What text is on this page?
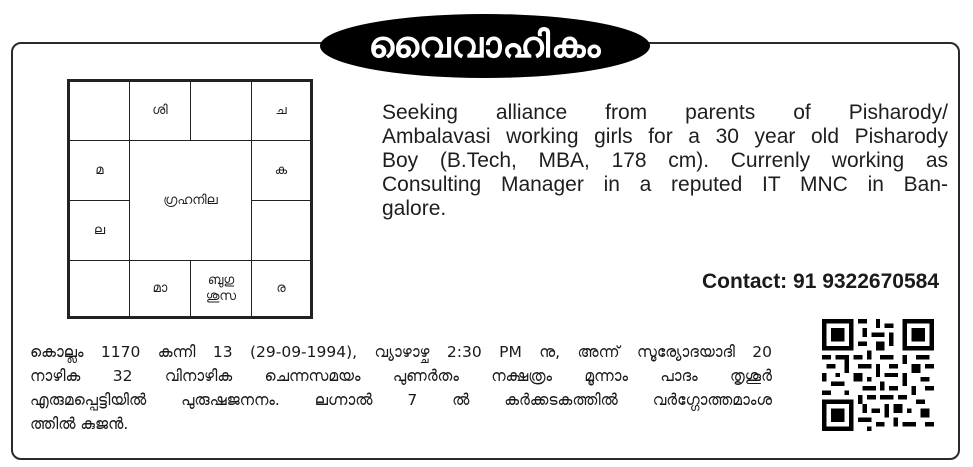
വൈവാഹികം
ശി	ച
മ	ക
ല
ഗ്രഹനില
മാ
ബുഗു
ശുസ
ര
Seeking alliance from parents of Pisharody/
Ambalavasi working girls for a 30 year old Pisharody
Boy (B.Tech, MBA, 178 cm). Currenly working as
Consulting Manager in a reputed IT MNC in Ban-
galore.
Contact: 91 9322670584
കൊല്ലം 1170 കന്നി 13 (29-09-1994), വ്യാഴാഴ്ച 2:30 PM നു, അന്ന് സൂര്യോദയാദി 20
നാഴിക 32 വിനാഴിക ചെന്നസമയം പുണർതം നക്ഷത്രം മൂന്നാം പാദം തൃശൂർ
എരുമപ്പെട്ടിയിൽ പുരുഷജനനം. ലഗ്നാൽ 7 ൽ കർക്കടകത്തിൽ വർഗ്ഗോത്തമാംശ
ത്തിൽ കുജൻ.
